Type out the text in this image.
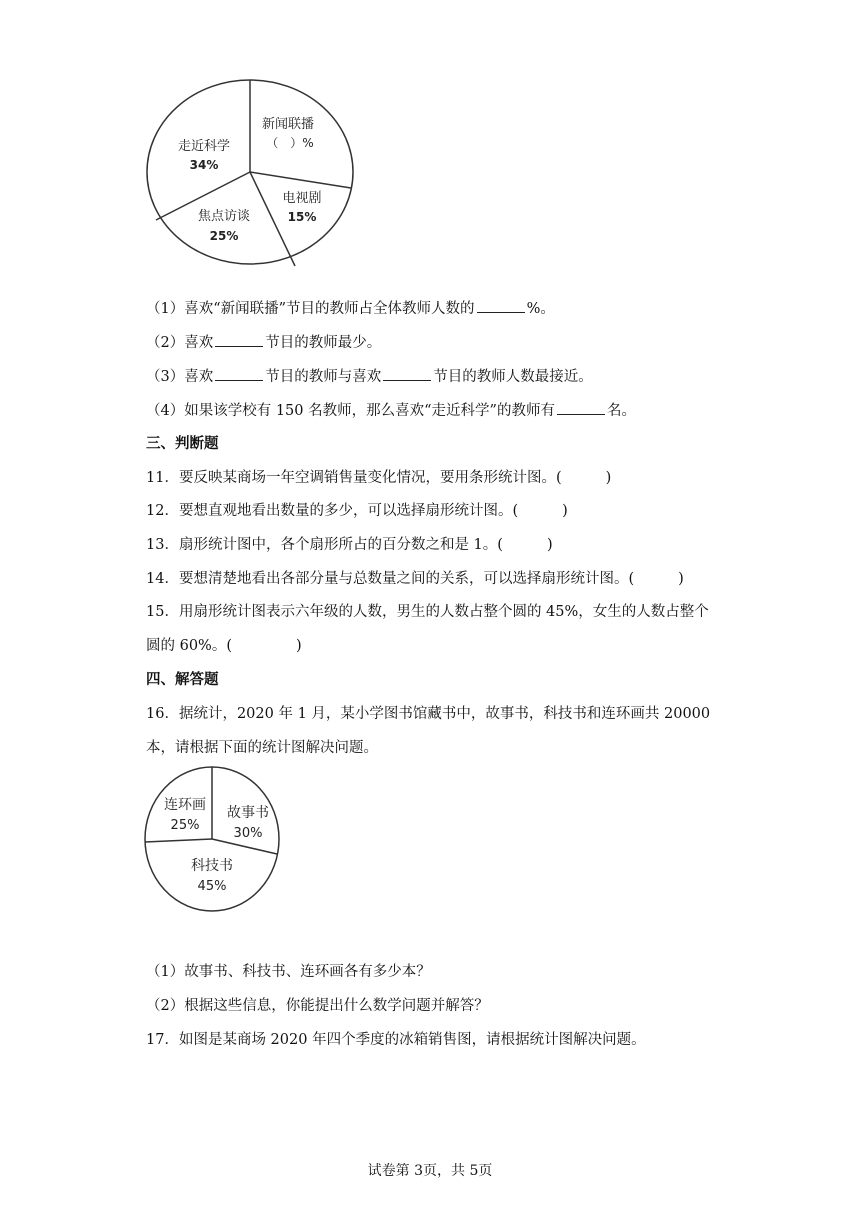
新闻联播
（　）%
电视剧
15%
焦点访谈
25%
走近科学
34%
（1）喜欢“新闻联播”节目的教师占全体教师人数的	%。
（2）喜欢	节目的教师最少。
（3）喜欢	节目的教师与喜欢	节目的教师人数最接近。
（4）如果该学校有 150 名教师，那么喜欢“走近科学”的教师有	名。
三、判断题
11．要反映某商场一年空调销售量变化情况，要用条形统计图。(	)
12．要想直观地看出数量的多少，可以选择扇形统计图。(	)
13．扇形统计图中，各个扇形所占的百分数之和是 1。(	)
14．要想清楚地看出各部分量与总数量之间的关系，可以选择扇形统计图。(	)
15．用扇形统计图表示六年级的人数，男生的人数占整个圆的 45%，女生的人数占整个
圆的 60%。(	)
四、解答题
16．据统计，2020 年 1 月，某小学图书馆藏书中，故事书，科技书和连环画共 20000
本，请根据下面的统计图解决问题。
连环画
25%
故事书
30%
科技书
45%
（1）故事书、科技书、连环画各有多少本？
（2）根据这些信息，你能提出什么数学问题并解答？
17．如图是某商场 2020 年四个季度的冰箱销售图，请根据统计图解决问题。
试卷第 3页，共 5页
